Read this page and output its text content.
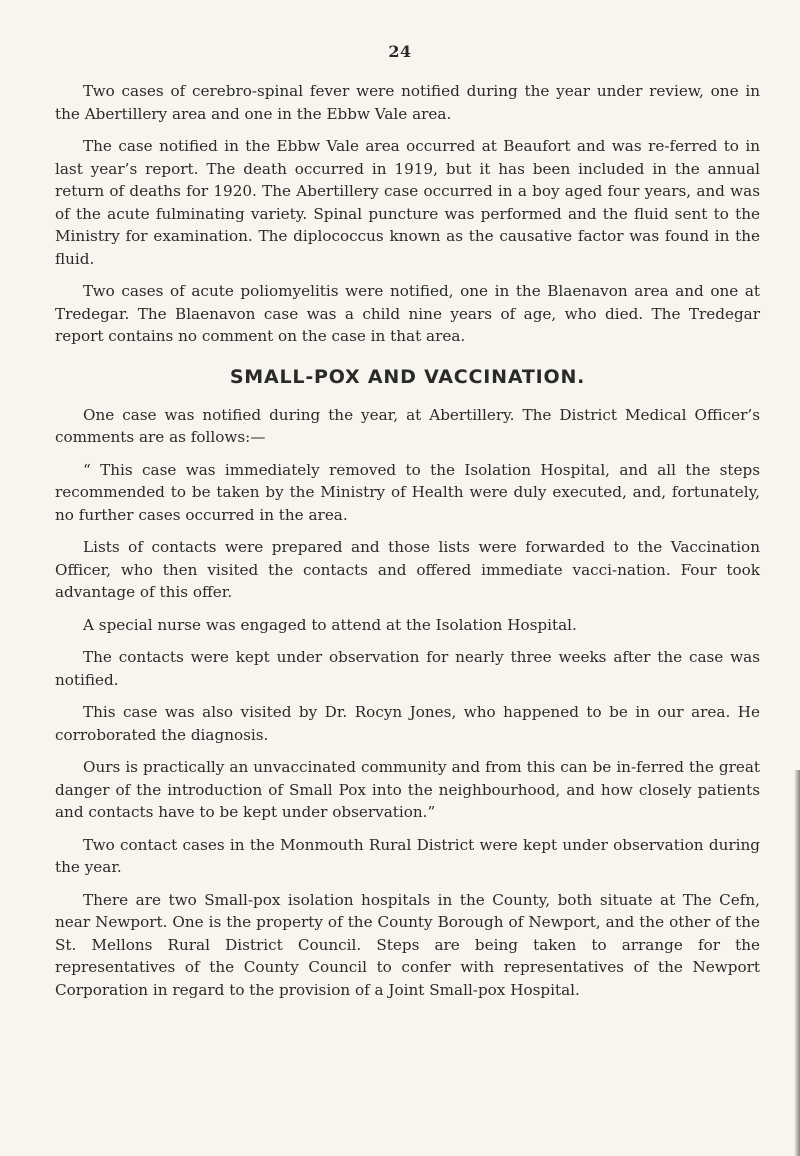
24

Two cases of cerebro-spinal fever were notified during the year under review, one in the Abertillery area and one in the Ebbw Vale area.

The case notified in the Ebbw Vale area occurred at Beaufort and was re-ferred to in last year’s report. The death occurred in 1919, but it has been included in the annual return of deaths for 1920. The Abertillery case occurred in a boy aged four years, and was of the acute fulminating variety. Spinal puncture was performed and the fluid sent to the Ministry for examination. The diplococcus known as the causative factor was found in the fluid.

Two cases of acute poliomyelitis were notified, one in the Blaenavon area and one at Tredegar. The Blaenavon case was a child nine years of age, who died. The Tredegar report contains no comment on the case in that area.

SMALL-POX AND VACCINATION.

One case was notified during the year, at Abertillery. The District Medical Officer’s comments are as follows:—

“ This case was immediately removed to the Isolation Hospital, and all the steps recommended to be taken by the Ministry of Health were duly executed, and, fortunately, no further cases occurred in the area.

Lists of contacts were prepared and those lists were forwarded to the Vaccination Officer, who then visited the contacts and offered immediate vacci-nation. Four took advantage of this offer.

A special nurse was engaged to attend at the Isolation Hospital.

The contacts were kept under observation for nearly three weeks after the case was notified.

This case was also visited by Dr. Rocyn Jones, who happened to be in our area. He corroborated the diagnosis.

Ours is practically an unvaccinated community and from this can be in-ferred the great danger of the introduction of Small Pox into the neighbourhood, and how closely patients and contacts have to be kept under observation.”

Two contact cases in the Monmouth Rural District were kept under observation during the year.

There are two Small-pox isolation hospitals in the County, both situate at The Cefn, near Newport. One is the property of the County Borough of Newport, and the other of the St. Mellons Rural District Council. Steps are being taken to arrange for the representatives of the County Council to confer with representatives of the Newport Corporation in regard to the provision of a Joint Small-pox Hospital.
